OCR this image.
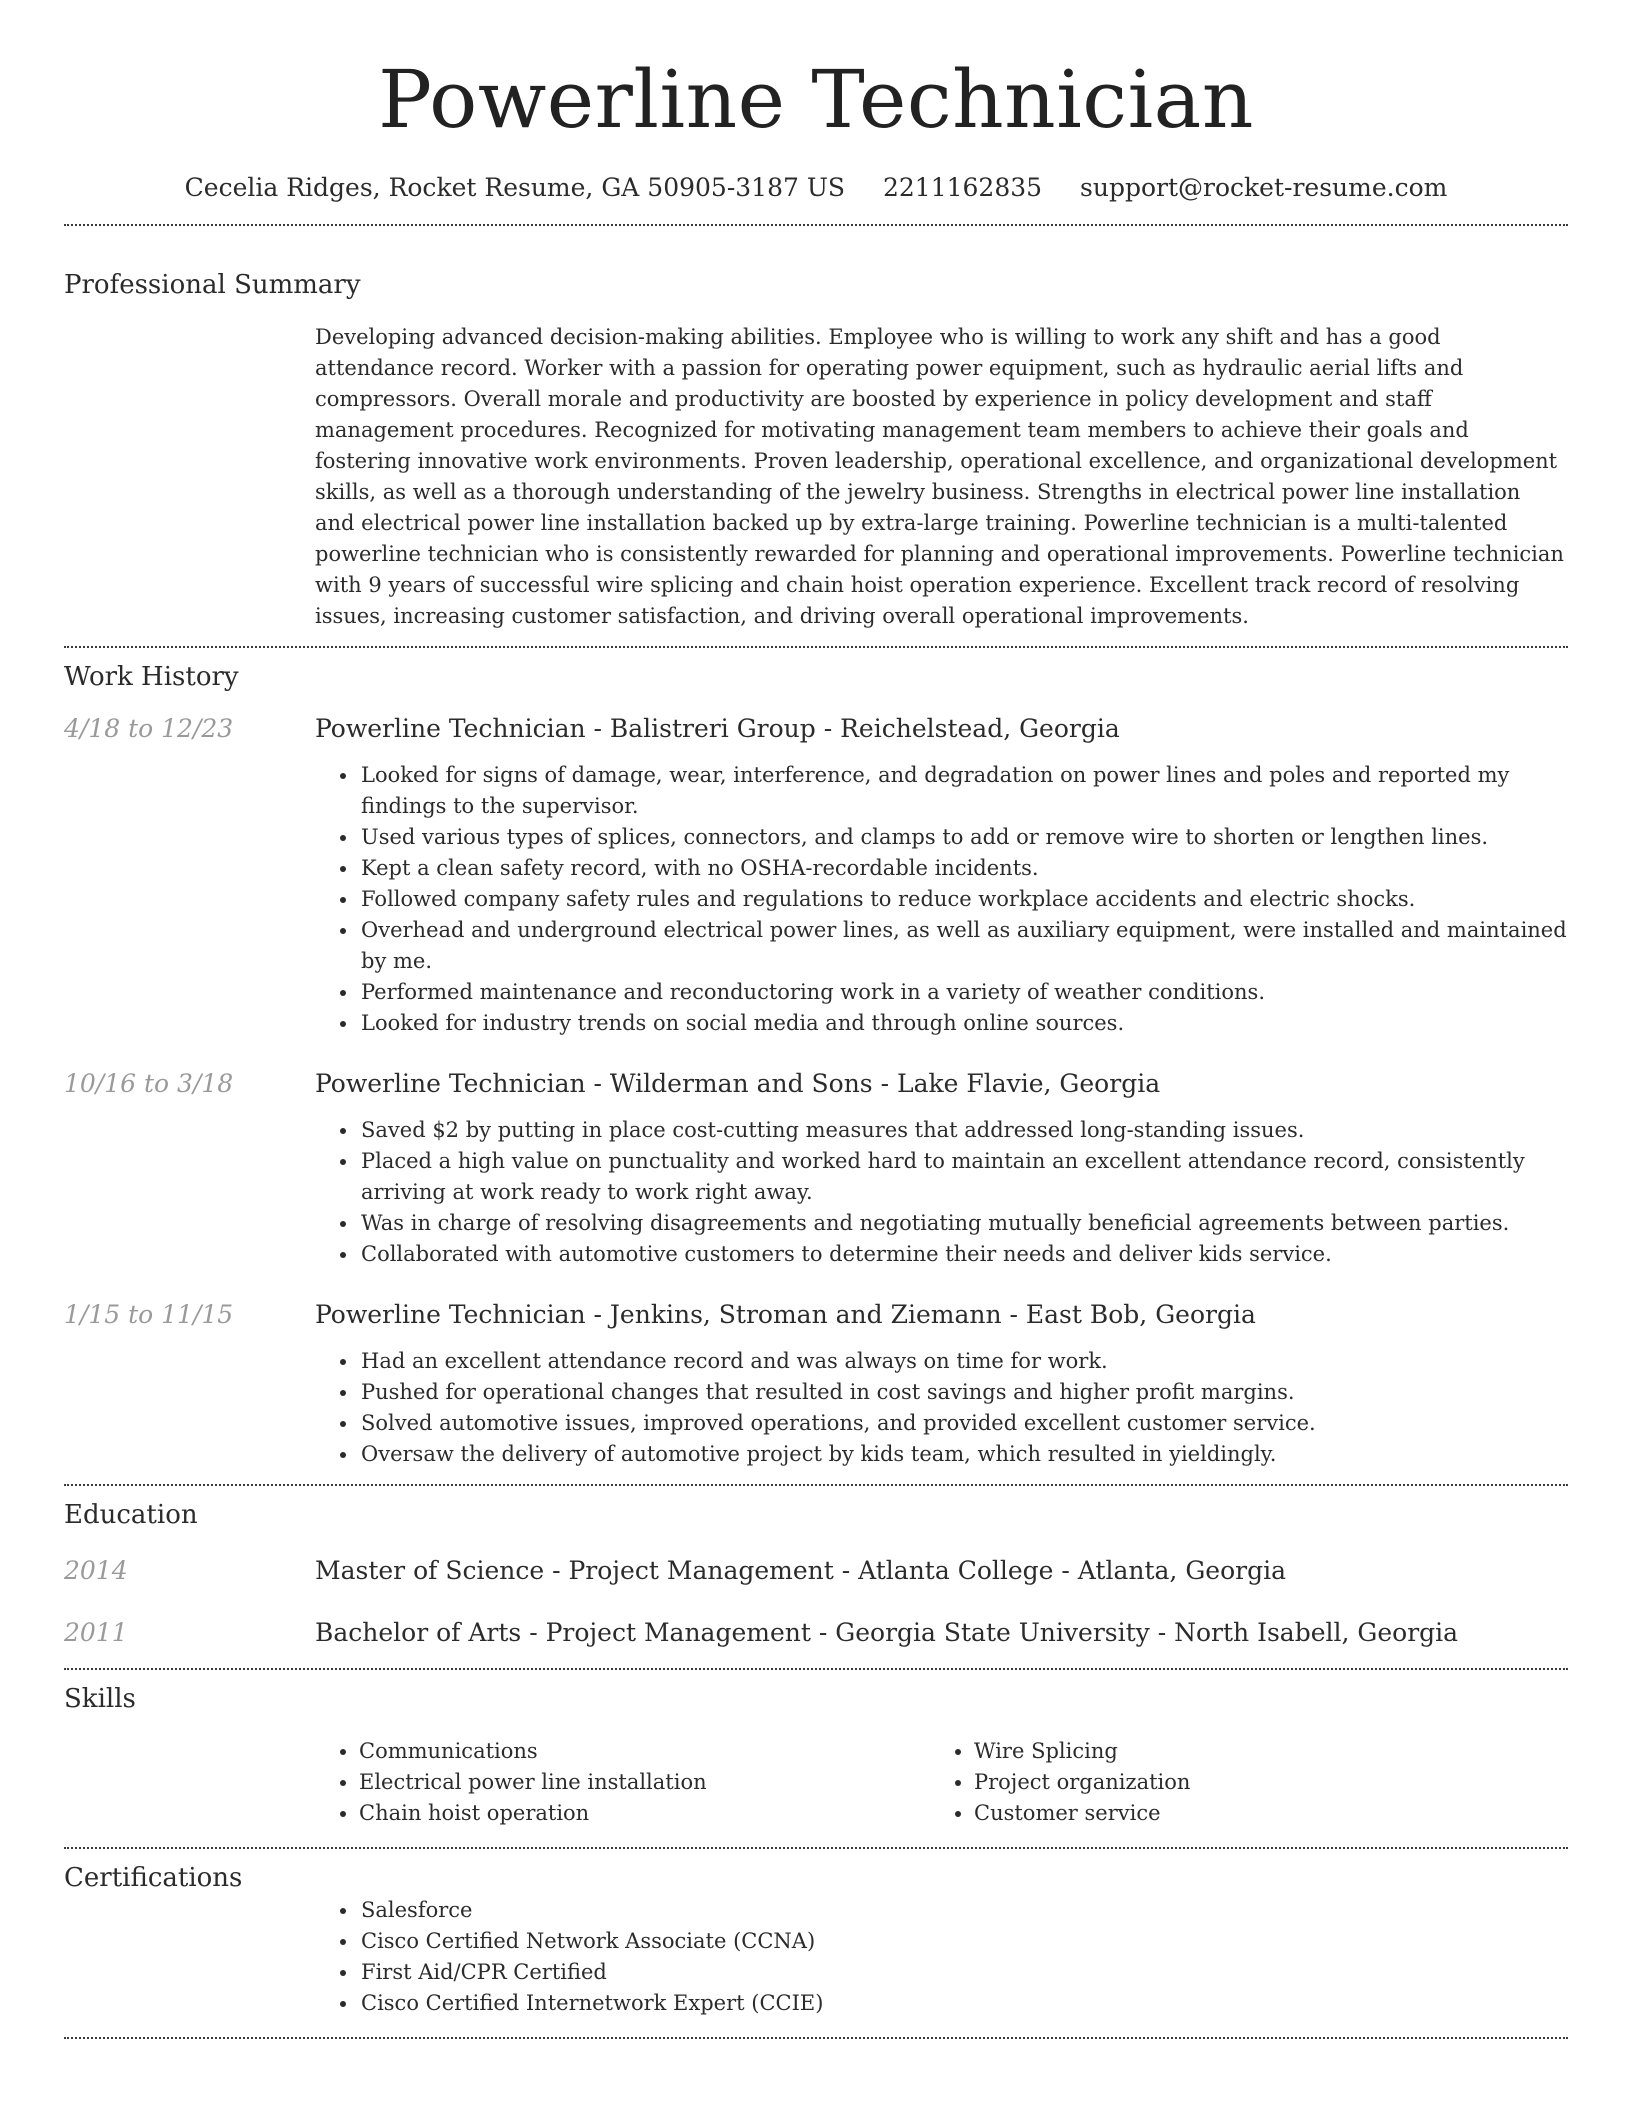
Powerline Technician
Cecelia Ridges, Rocket Resume, GA 50905-3187 US 2211162835 support@rocket-resume.com
Professional Summary

Developing advanced decision-making abilities. Employee who is willing to work any shift and has a good attendance record. Worker with a passion for operating power equipment, such as hydraulic aerial lifts and compressors. Overall morale and productivity are boosted by experience in policy development and staff management procedures. Recognized for motivating management team members to achieve their goals and fostering innovative work environments. Proven leadership, operational excellence, and organizational development skills, as well as a thorough understanding of the jewelry business. Strengths in electrical power line installation and electrical power line installation backed up by extra-large training. Powerline technician is a multi-talented powerline technician who is consistently rewarded for planning and operational improvements. Powerline technician with 9 years of successful wire splicing and chain hoist operation experience. Excellent track record of resolving issues, increasing customer satisfaction, and driving overall operational improvements.

Work History
4/18 to 12/23	Powerline Technician - Balistreri Group - Reichelstead, Georgia
• Looked for signs of damage, wear, interference, and degradation on power lines and poles and reported my findings to the supervisor.
• Used various types of splices, connectors, and clamps to add or remove wire to shorten or lengthen lines.
• Kept a clean safety record, with no OSHA-recordable incidents.
• Followed company safety rules and regulations to reduce workplace accidents and electric shocks.
• Overhead and underground electrical power lines, as well as auxiliary equipment, were installed and maintained by me.
• Performed maintenance and reconductoring work in a variety of weather conditions.
• Looked for industry trends on social media and through online sources.
10/16 to 3/18	Powerline Technician - Wilderman and Sons - Lake Flavie, Georgia
• Saved $2 by putting in place cost-cutting measures that addressed long-standing issues.
• Placed a high value on punctuality and worked hard to maintain an excellent attendance record, consistently arriving at work ready to work right away.
• Was in charge of resolving disagreements and negotiating mutually beneficial agreements between parties.
• Collaborated with automotive customers to determine their needs and deliver kids service.
1/15 to 11/15	Powerline Technician - Jenkins, Stroman and Ziemann - East Bob, Georgia
• Had an excellent attendance record and was always on time for work.
• Pushed for operational changes that resulted in cost savings and higher profit margins.
• Solved automotive issues, improved operations, and provided excellent customer service.
• Oversaw the delivery of automotive project by kids team, which resulted in yieldingly.
Education
2014	Master of Science - Project Management - Atlanta College - Atlanta, Georgia
2011	Bachelor of Arts - Project Management - Georgia State University - North Isabell, Georgia
Skills
• Communications
• Electrical power line installation
• Chain hoist operation
• Wire Splicing
• Project organization
• Customer service
Certifications
• Salesforce
• Cisco Certified Network Associate (CCNA)
• First Aid/CPR Certified
• Cisco Certified Internetwork Expert (CCIE)
